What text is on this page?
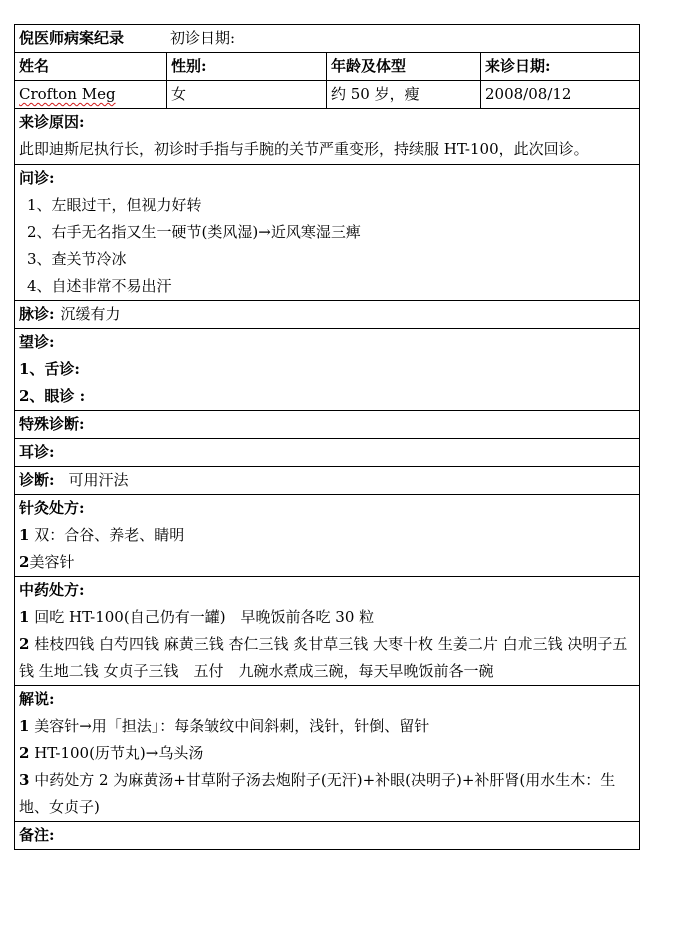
倪医师病案纪录 初诊日期:			
姓名	性别:	年龄及体型	来诊日期:
Crofton Meg	女	约 50 岁，瘦	2008/08/12

来诊原因:
此即迪斯尼执行长，初诊时手指与手腕的关节严重变形，持续服 HT-100，此次回诊。			

问诊:
1、左眼过干，但视力好转
2、右手无名指又生一硬节(类风湿)→近风寒湿三痺
3、查关节冷冰
4、自述非常不易出汗			

脉诊: 沉缓有力			

望诊:
1、舌诊:
2、眼诊 :			

特殊诊断:			
耳诊:			
诊断: 可用汗法			

针灸处方:
1 双：合谷、养老、睛明
2美容针			

中药处方:
1 回吃 HT-100(自己仍有一罐)　早晚饭前各吃 30 粒
2 桂枝四钱 白芍四钱 麻黄三钱 杏仁三钱 炙甘草三钱 大枣十枚 生姜二片 白朮三钱 决明子五钱 生地二钱 女贞子三钱　五付　九碗水煮成三碗，每天早晚饭前各一碗			

解说:
1 美容针→用「担法」：每条皱纹中间斜刺，浅针，针倒、留针
2 HT-100(历节丸)→乌头汤
3 中药处方 2 为麻黄汤+甘草附子汤去炮附子(无汗)+补眼(决明子)+补肝肾(用水生木：生地、女贞子)			

备注:			
